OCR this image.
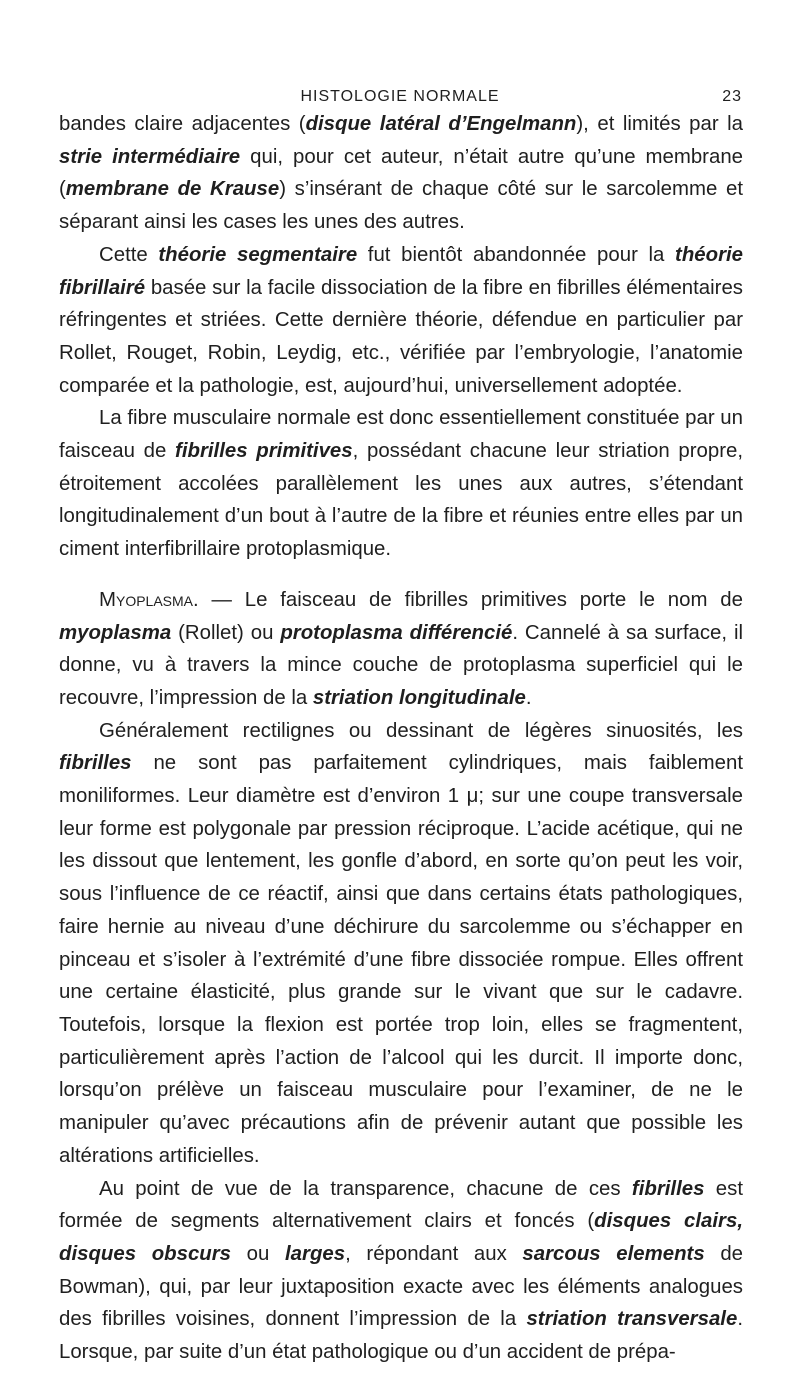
HISTOLOGIE NORMALE	23

bandes claire adjacentes (disque latéral d’Engelmann), et limités par la strie intermédiaire qui, pour cet auteur, n’était autre qu’une membrane (membrane de Krause) s’insérant de chaque côté sur le sarcolemme et séparant ainsi les cases les unes des autres.

Cette théorie segmentaire fut bientôt abandonnée pour la théorie fibrillairé basée sur la facile dissociation de la fibre en fibrilles élémentaires réfringentes et striées. Cette dernière théorie, défendue en particulier par Rollet, Rouget, Robin, Leydig, etc., vérifiée par l’embryologie, l’anatomie comparée et la pathologie, est, aujourd’hui, universellement adoptée.

La fibre musculaire normale est donc essentiellement constituée par un faisceau de fibrilles primitives, possédant chacune leur striation propre, étroitement accolées parallèlement les unes aux autres, s’étendant longitudinalement d’un bout à l’autre de la fibre et réunies entre elles par un ciment interfibrillaire protoplasmique.

Myoplasma. — Le faisceau de fibrilles primitives porte le nom de myoplasma (Rollet) ou protoplasma différencié. Cannelé à sa surface, il donne, vu à travers la mince couche de protoplasma superficiel qui le recouvre, l’impression de la striation longitudinale.

Généralement rectilignes ou dessinant de légères sinuosités, les fibrilles ne sont pas parfaitement cylindriques, mais faiblement moniliformes. Leur diamètre est d’environ 1 μ; sur une coupe transversale leur forme est polygonale par pression réciproque. L’acide acétique, qui ne les dissout que lentement, les gonfle d’abord, en sorte qu’on peut les voir, sous l’influence de ce réactif, ainsi que dans certains états pathologiques, faire hernie au niveau d’une déchirure du sarcolemme ou s’échapper en pinceau et s’isoler à l’extrémité d’une fibre dissociée rompue. Elles offrent une certaine élasticité, plus grande sur le vivant que sur le cadavre. Toutefois, lorsque la flexion est portée trop loin, elles se fragmentent, particulièrement après l’action de l’alcool qui les durcit. Il importe donc, lorsqu’on prélève un faisceau musculaire pour l’examiner, de ne le manipuler qu’avec précautions afin de prévenir autant que possible les altérations artificielles.

Au point de vue de la transparence, chacune de ces fibrilles est formée de segments alternativement clairs et foncés (disques clairs, disques obscurs ou larges, répondant aux sarcous elements de Bowman), qui, par leur juxtaposition exacte avec les éléments analogues des fibrilles voisines, donnent l’impression de la striation transversale. Lorsque, par suite d’un état pathologique ou d’un accident de prépa-
